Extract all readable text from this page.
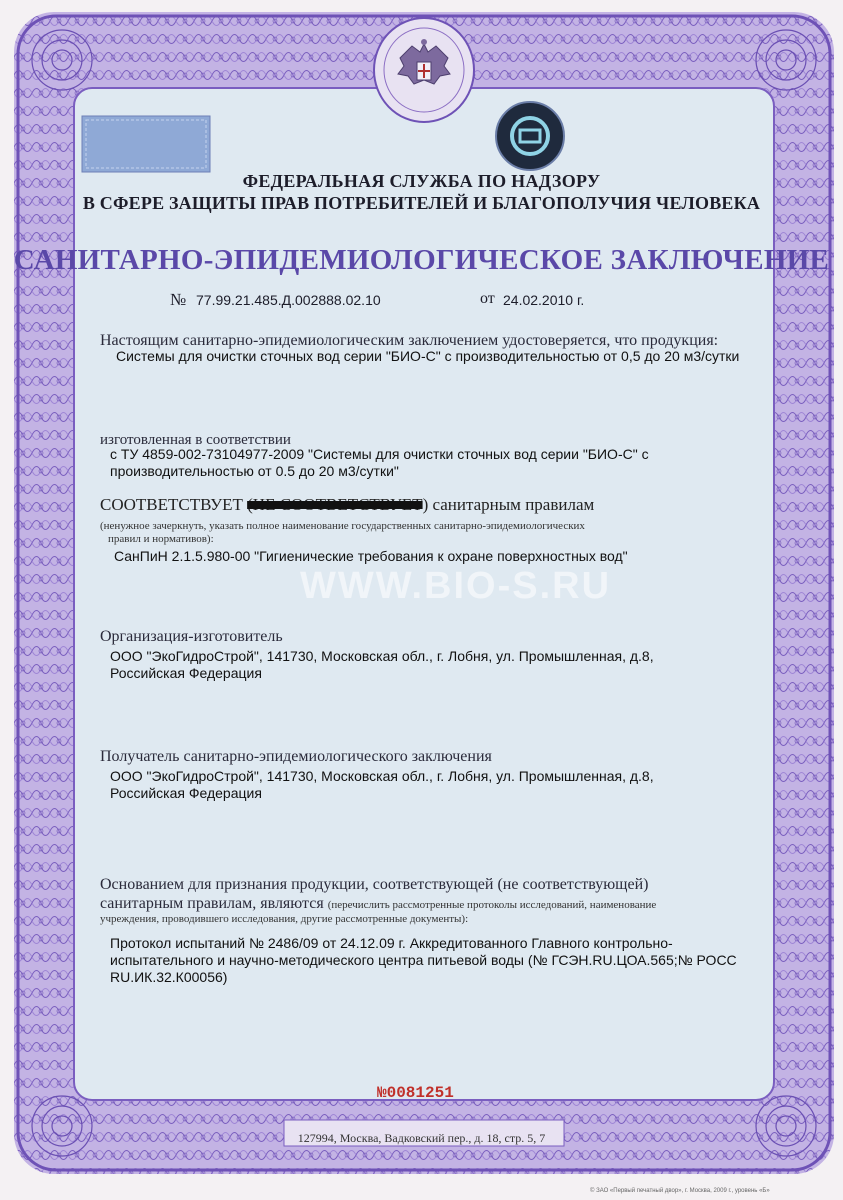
WWW.BIO-S.RU
ФЕДЕРАЛЬНАЯ СЛУЖБА ПО НАДЗОРУ
В СФЕРЕ ЗАЩИТЫ ПРАВ ПОТРЕБИТЕЛЕЙ И БЛАГОПОЛУЧИЯ ЧЕЛОВЕКА
САНИТАРНО-ЭПИДЕМИОЛОГИЧЕСКОЕ ЗАКЛЮЧЕНИЕ
№ 77.99.21.485.Д.002888.02.10	от 24.02.2010 г.
Настоящим санитарно-эпидемиологическим заключением удостоверяется, что продукция:
Системы для очистки сточных вод серии "БИО-С" с производительностью от 0,5 до 20 м3/сутки
изготовленная в соответствии
с ТУ 4859-002-73104977-2009 "Системы для очистки сточных вод серии "БИО-С" с
производительностью от 0.5 до 20 м3/сутки"
СООТВЕТСТВУЕТ (НЕ СООТВЕТСТВУЕТ) санитарным правилам
(ненужное зачеркнуть, указать полное наименование государственных санитарно-эпидемиологических
правил и нормативов):
СанПиН 2.1.5.980-00 "Гигиенические требования к охране поверхностных вод"
Организация-изготовитель
ООО "ЭкоГидроСтрой", 141730, Московская обл., г. Лобня, ул. Промышленная, д.8,
Российская Федерация
Получатель санитарно-эпидемиологического заключения
ООО "ЭкоГидроСтрой", 141730, Московская обл., г. Лобня, ул. Промышленная, д.8,
Российская Федерация
Основанием для признания продукции, соответствующей (не соответствующей)
санитарным правилам, являются (перечислить рассмотренные протоколы исследований, наименование
учреждения, проводившего исследования, другие рассмотренные документы):
Протокол испытаний № 2486/09 от 24.12.09 г. Аккредитованного Главного контрольно-
испытательного и научно-методического центра питьевой воды (№ ГСЭН.RU.ЦОА.565;№ РОСС
RU.ИК.32.К00056)
№0081251
127994, Москва, Вадковский пер., д. 18, стр. 5, 7
© ЗАО «Первый печатный двор», г. Москва, 2009 г., уровень «Б»
